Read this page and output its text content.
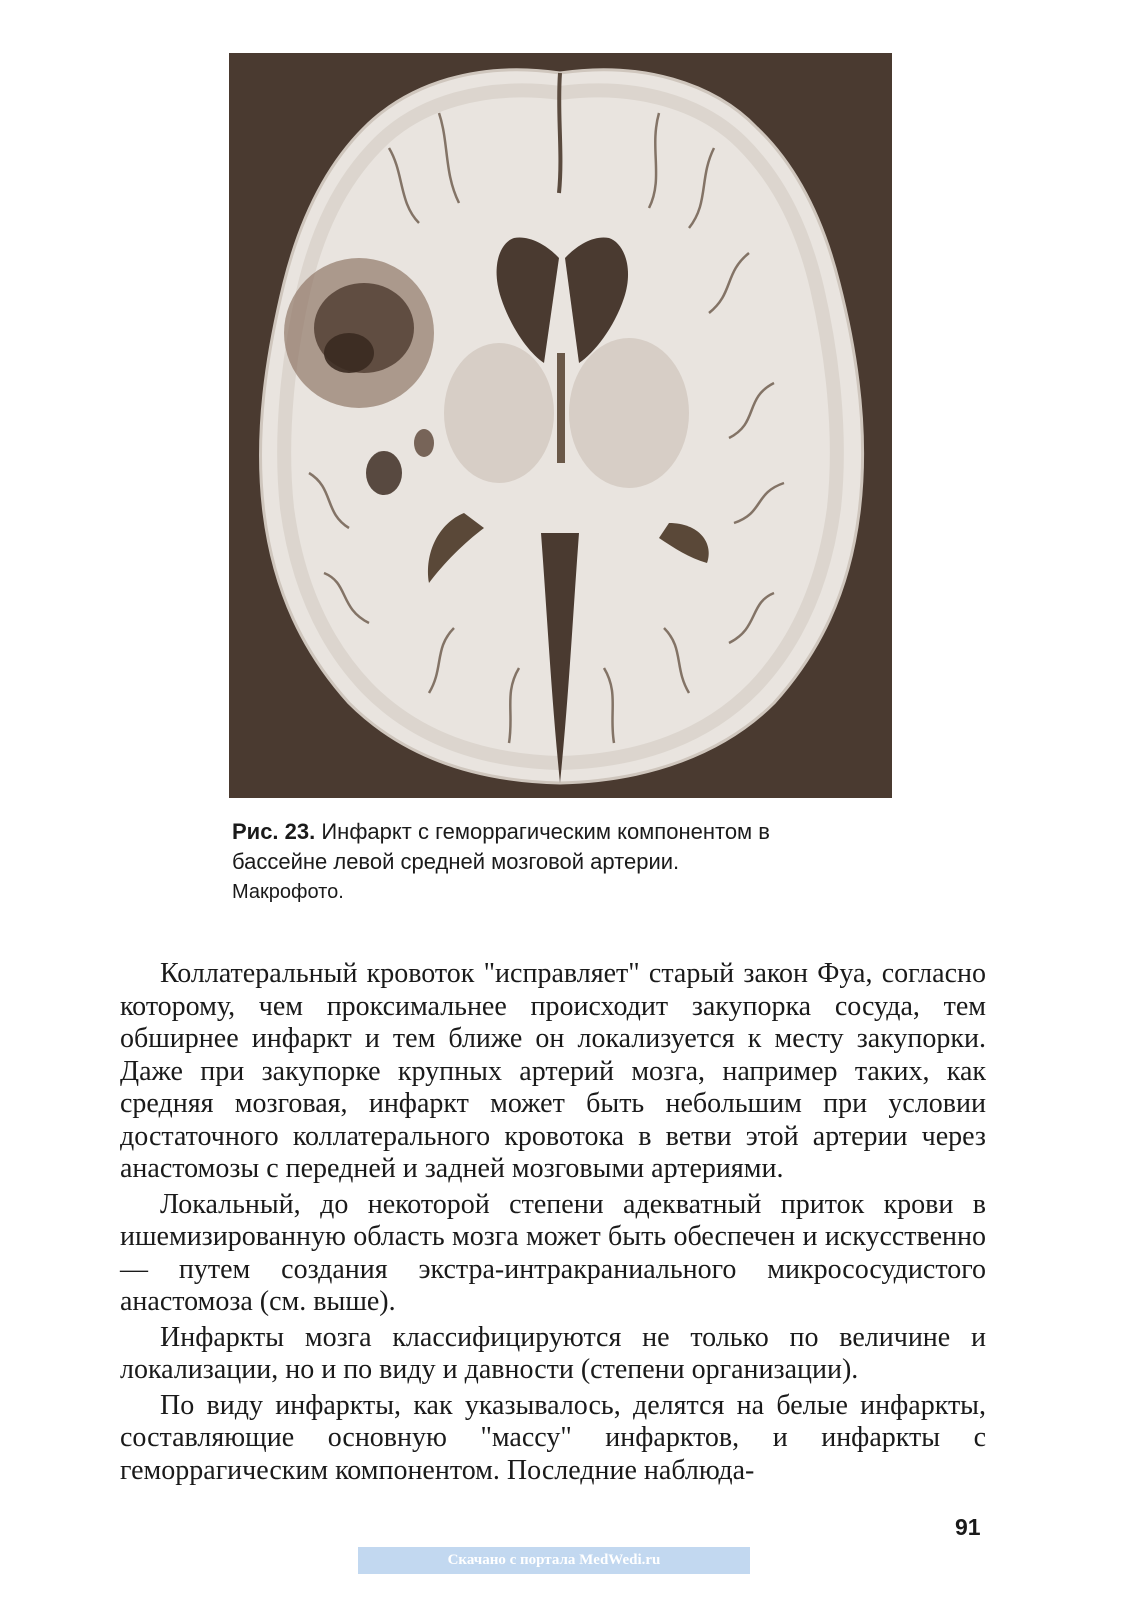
Рис. 23. Инфаркт с геморрагическим компонентом в
бассейне левой средней мозговой артерии.
Макрофото.

Коллатеральный кровоток "исправляет" старый закон Фуа, согласно которому, чем проксимальнее происходит закупорка сосуда, тем обширнее инфаркт и тем ближе он локализуется к месту закупорки. Даже при закупорке крупных артерий мозга, например таких, как средняя мозговая, инфаркт может быть небольшим при условии достаточного коллатерального кровотока в ветви этой артерии через анастомозы с передней и задней мозговыми артериями.

Локальный, до некоторой степени адекватный приток крови в ишемизированную область мозга может быть обеспечен и искусственно — путем создания экстра-интракраниального микрососудистого анастомоза (см. выше).

Инфаркты мозга классифицируются не только по величине и локализации, но и по виду и давности (степени организации).

По виду инфаркты, как указывалось, делятся на белые инфаркты, составляющие основную "массу" инфарктов, и инфаркты с геморрагическим компонентом. Последние наблюда-

91
Скачано с портала MedWedi.ru
